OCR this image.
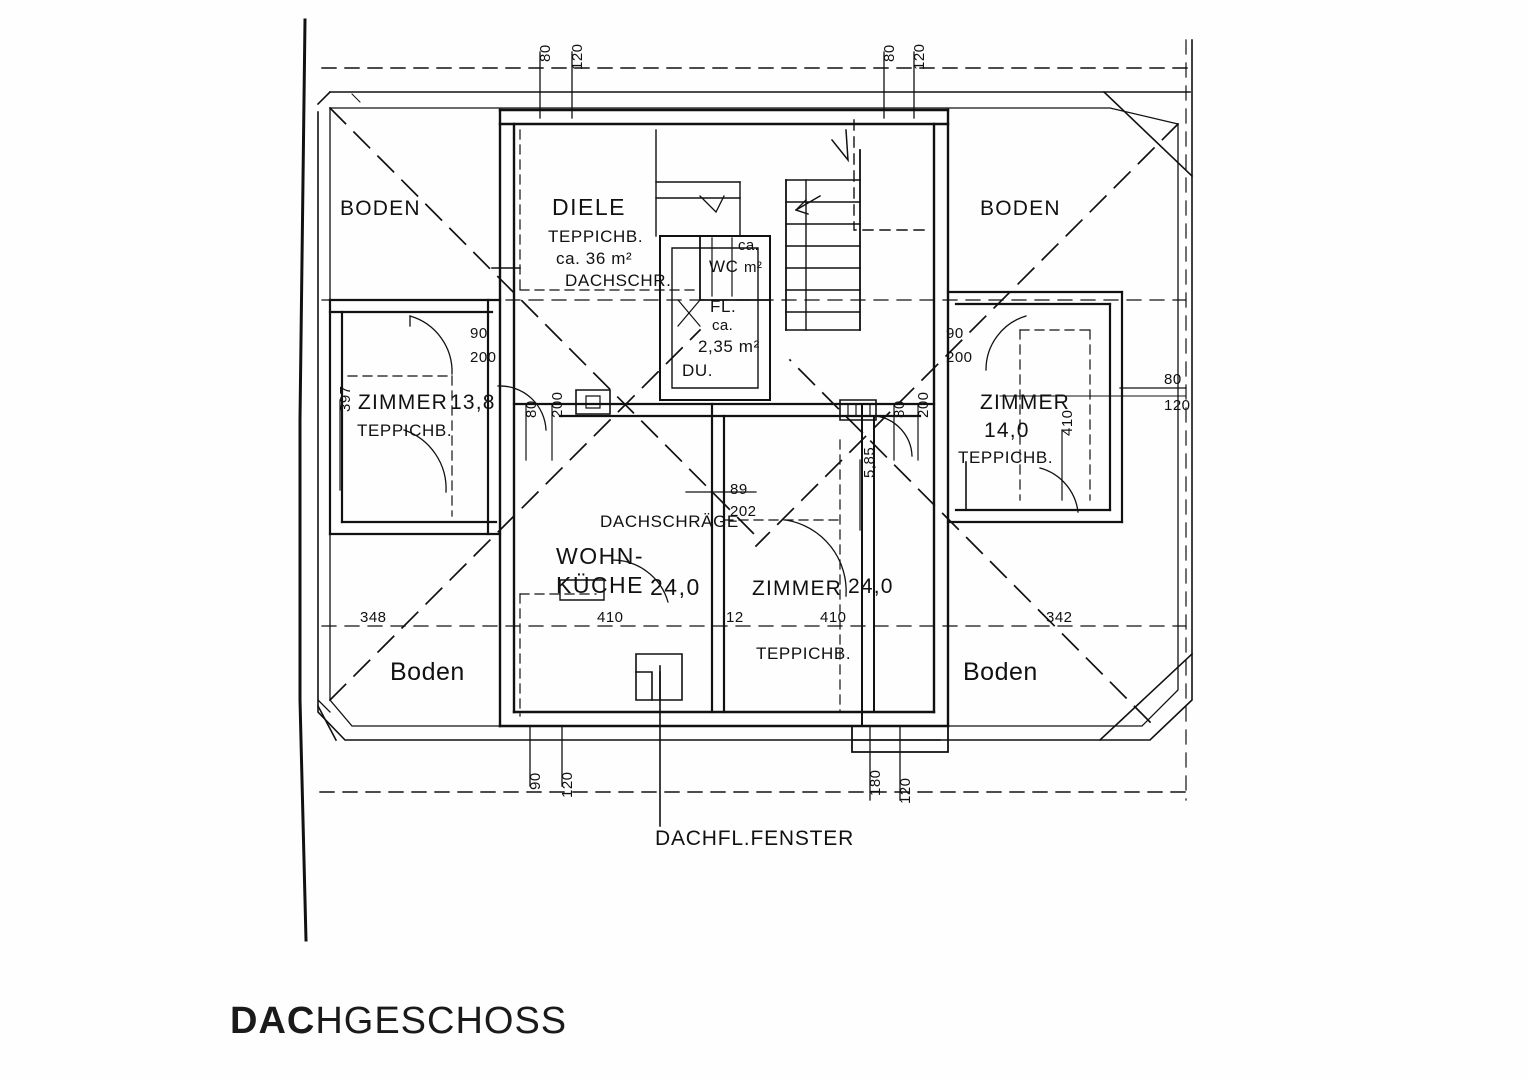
BODEN	BODEN
DIELE
TEPPICHB.
ca. 36 m²
DACHSCHR.
ca.
WC m²
FL.
ca.
2,35 m²
DU.
ZIMMER 13,8
TEPPICHB.
ZIMMER
14,0
TEPPICHB.
DACHSCHRÄGE
WOHN-
KÜCHE 24,0 ZIMMER 24,0
TEPPICHB.
Boden	Boden
80 120	80 120
80
120
90
200
90
200
80 200	80 200
397
5,85
89
202
410
348	410	12	410	342
90 120	180 120
DACHFL.FENSTER
DACHGESCHOSS
